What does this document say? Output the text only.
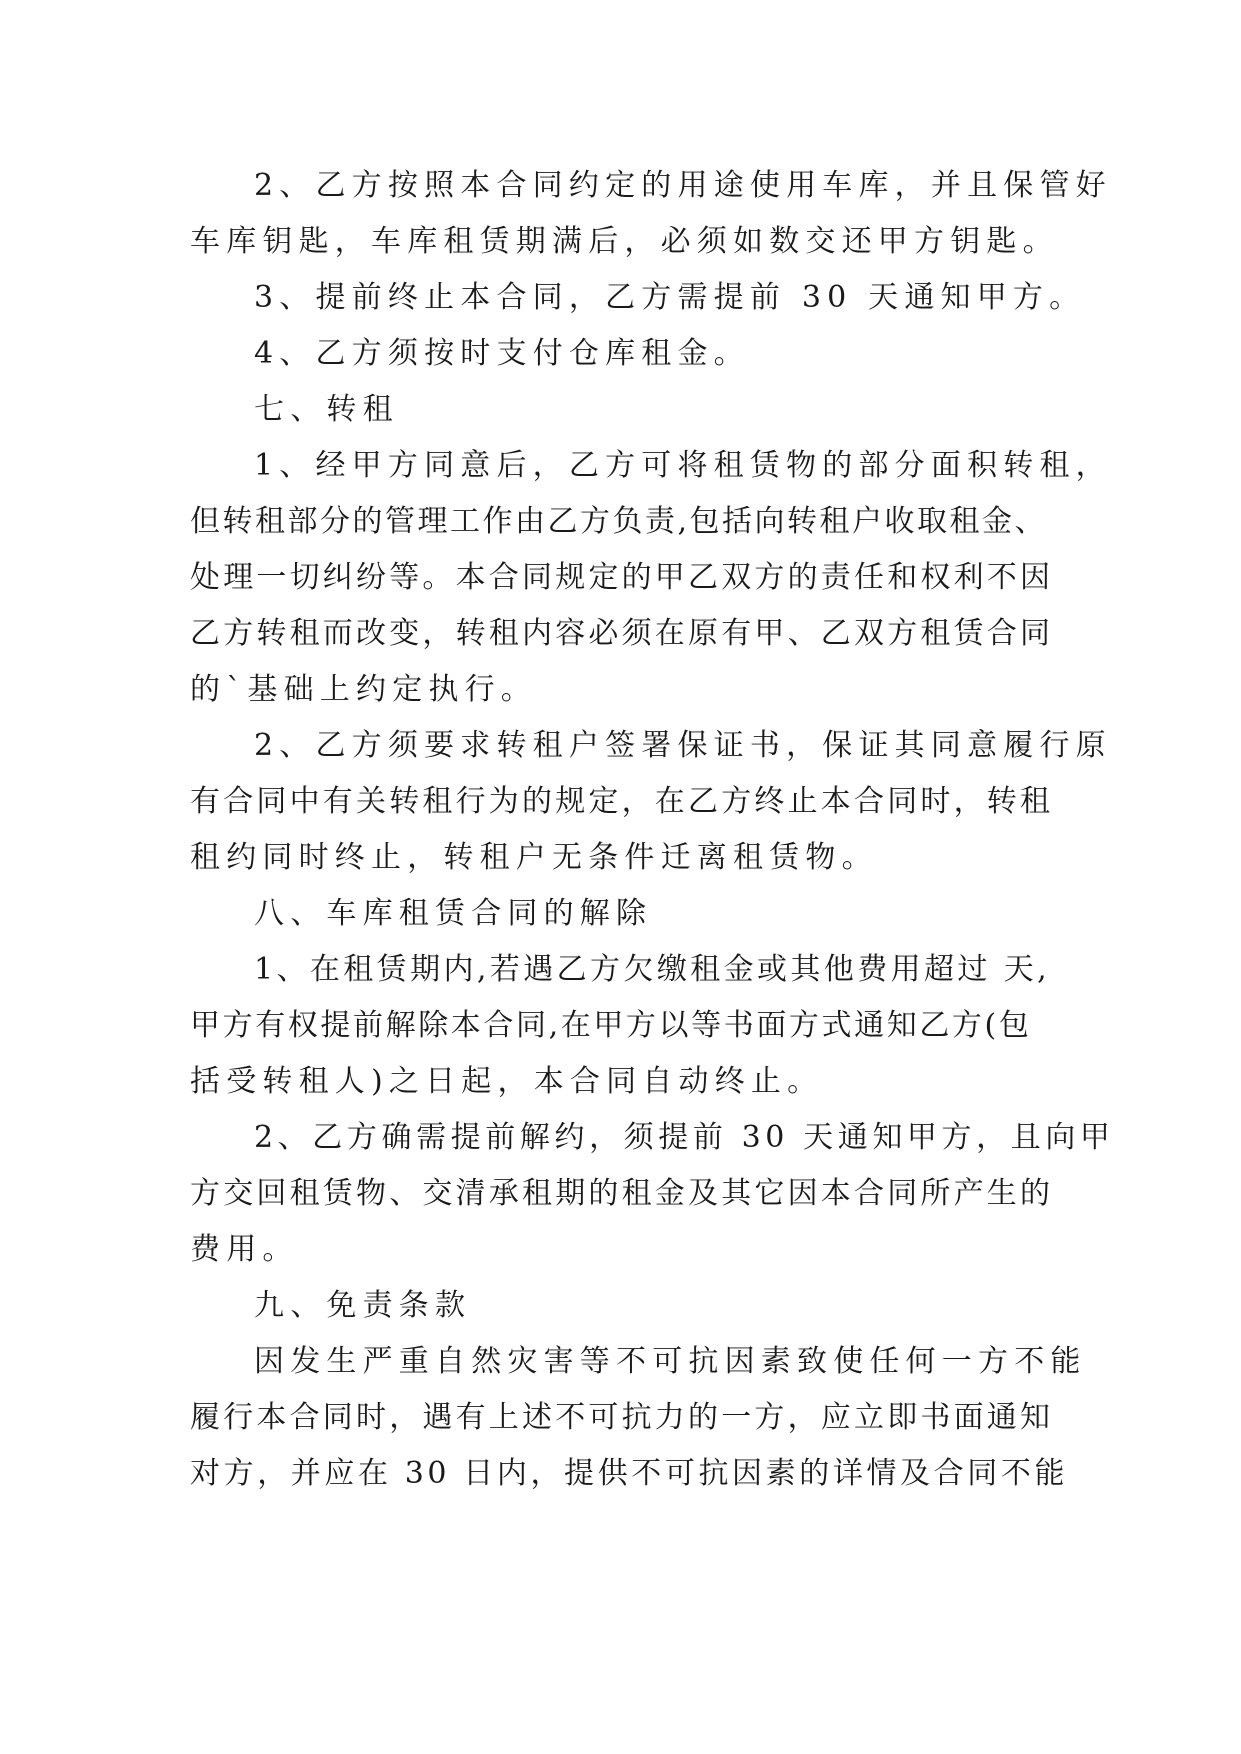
2、乙方按照本合同约定的用途使用车库，并且保管好
车库钥匙，车库租赁期满后，必须如数交还甲方钥匙。
3、提前终止本合同，乙方需提前 30 天通知甲方。
4、乙方须按时支付仓库租金。
七、转租
1、经甲方同意后，乙方可将租赁物的部分面积转租，
但转租部分的管理工作由乙方负责,包括向转租户收取租金、
处理一切纠纷等。本合同规定的甲乙双方的责任和权利不因
乙方转租而改变，转租内容必须在原有甲、乙双方租赁合同
的`基础上约定执行。
2、乙方须要求转租户签署保证书，保证其同意履行原
有合同中有关转租行为的规定，在乙方终止本合同时，转租
租约同时终止，转租户无条件迁离租赁物。
八、车库租赁合同的解除
1、在租赁期内,若遇乙方欠缴租金或其他费用超过 天,
甲方有权提前解除本合同,在甲方以等书面方式通知乙方(包
括受转租人)之日起，本合同自动终止。
2、乙方确需提前解约，须提前 30 天通知甲方，且向甲
方交回租赁物、交清承租期的租金及其它因本合同所产生的
费用。
九、免责条款
因发生严重自然灾害等不可抗因素致使任何一方不能
履行本合同时，遇有上述不可抗力的一方，应立即书面通知
对方，并应在 30 日内，提供不可抗因素的详情及合同不能
